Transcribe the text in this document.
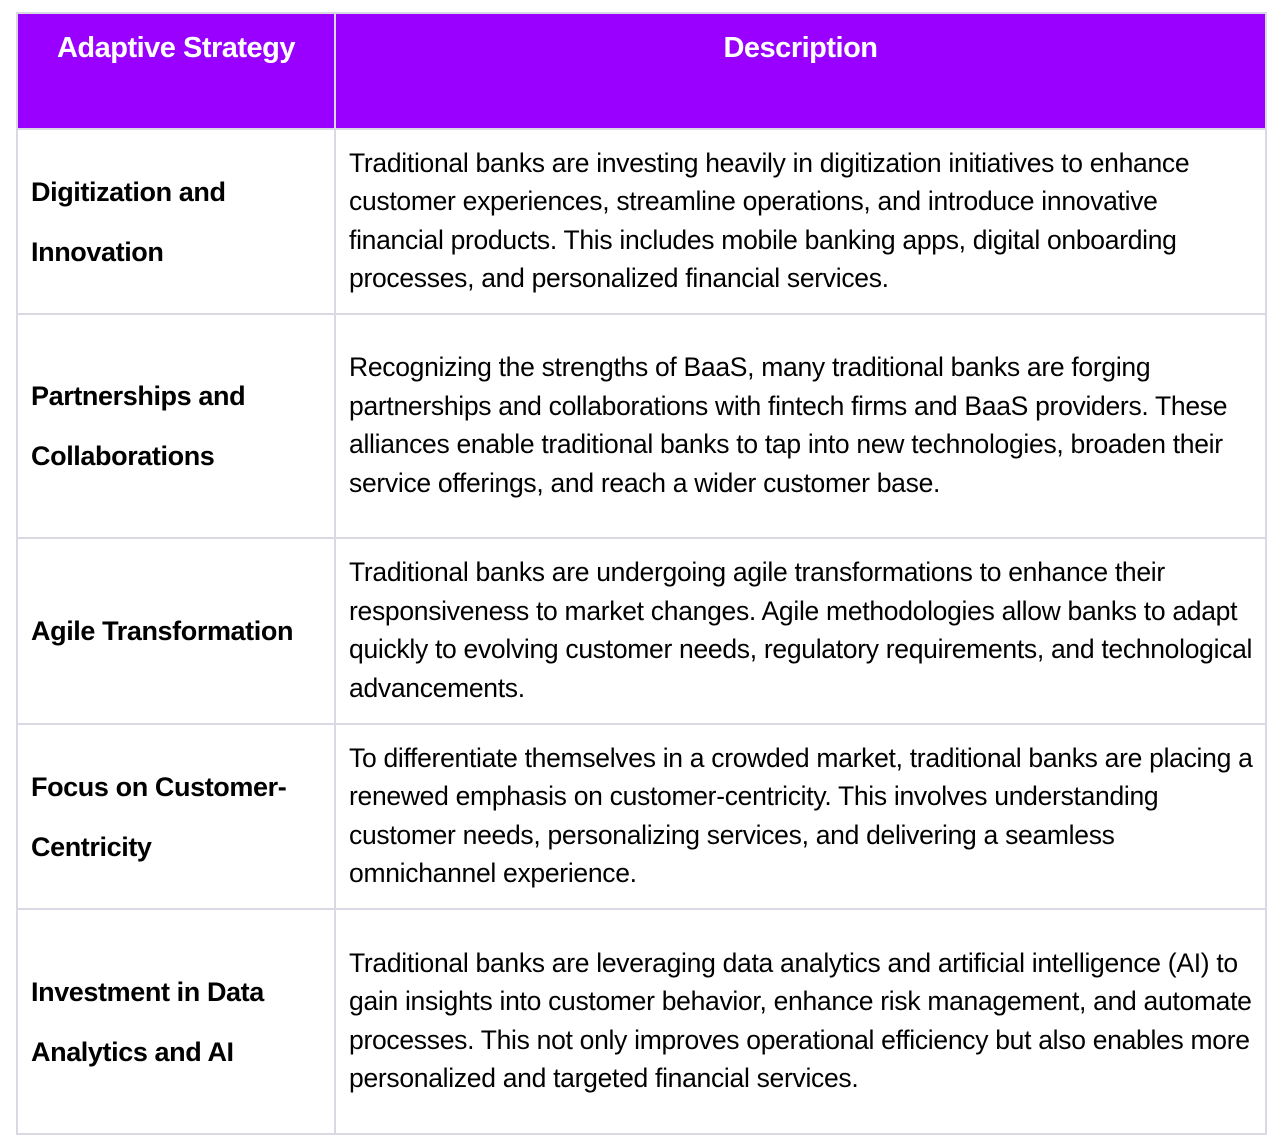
Adaptive Strategy	Description
Digitization and Innovation	Traditional banks are investing heavily in digitization initiatives to enhance customer experiences, streamline operations, and introduce innovative financial products. This includes mobile banking apps, digital onboarding processes, and personalized financial services.
Partnerships and Collaborations	Recognizing the strengths of BaaS, many traditional banks are forging partnerships and collaborations with fintech firms and BaaS providers. These alliances enable traditional banks to tap into new technologies, broaden their service offerings, and reach a wider customer base.
Agile Transformation	Traditional banks are undergoing agile transformations to enhance their responsiveness to market changes. Agile methodologies allow banks to adapt quickly to evolving customer needs, regulatory requirements, and technological advancements.
Focus on Customer-Centricity	To differentiate themselves in a crowded market, traditional banks are placing a renewed emphasis on customer-centricity. This involves understanding customer needs, personalizing services, and delivering a seamless omnichannel experience.
Investment in Data Analytics and AI	Traditional banks are leveraging data analytics and artificial intelligence (AI) to gain insights into customer behavior, enhance risk management, and automate processes. This not only improves operational efficiency but also enables more personalized and targeted financial services.
